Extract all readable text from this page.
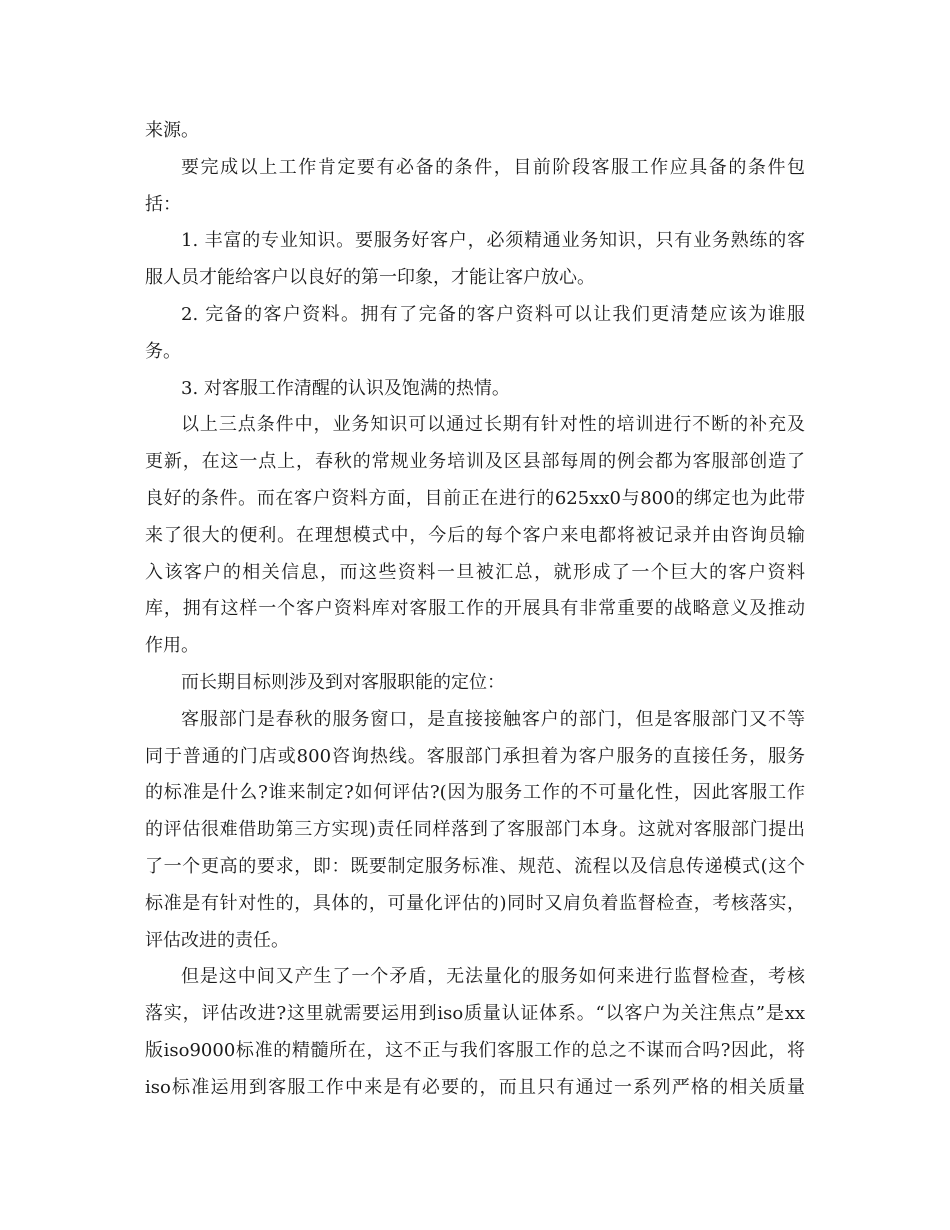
来源。
要完成以上工作肯定要有必备的条件，目前阶段客服工作应具备的条件包
括：
1. 丰富的专业知识。要服务好客户，必须精通业务知识，只有业务熟练的客
服人员才能给客户以良好的第一印象，才能让客户放心。
2. 完备的客户资料。拥有了完备的客户资料可以让我们更清楚应该为谁服
务。
3. 对客服工作清醒的认识及饱满的热情。
以上三点条件中，业务知识可以通过长期有针对性的培训进行不断的补充及
更新，在这一点上，春秋的常规业务培训及区县部每周的例会都为客服部创造了
良好的条件。而在客户资料方面，目前正在进行的625xx0与800的绑定也为此带
来了很大的便利。在理想模式中，今后的每个客户来电都将被记录并由咨询员输
入该客户的相关信息，而这些资料一旦被汇总，就形成了一个巨大的客户资料
库，拥有这样一个客户资料库对客服工作的开展具有非常重要的战略意义及推动
作用。
而长期目标则涉及到对客服职能的定位：
客服部门是春秋的服务窗口，是直接接触客户的部门，但是客服部门又不等
同于普通的门店或800咨询热线。客服部门承担着为客户服务的直接任务，服务
的标准是什么?谁来制定?如何评估?(因为服务工作的不可量化性，因此客服工作
的评估很难借助第三方实现)责任同样落到了客服部门本身。这就对客服部门提出
了一个更高的要求，即：既要制定服务标准、规范、流程以及信息传递模式(这个
标准是有针对性的，具体的，可量化评估的)同时又肩负着监督检查，考核落实，
评估改进的责任。
但是这中间又产生了一个矛盾，无法量化的服务如何来进行监督检查，考核
落实，评估改进?这里就需要运用到iso质量认证体系。“以客户为关注焦点”是xx
版iso9000标准的精髓所在，这不正与我们客服工作的总之不谋而合吗?因此，将
iso标准运用到客服工作中来是有必要的，而且只有通过一系列严格的相关质量
